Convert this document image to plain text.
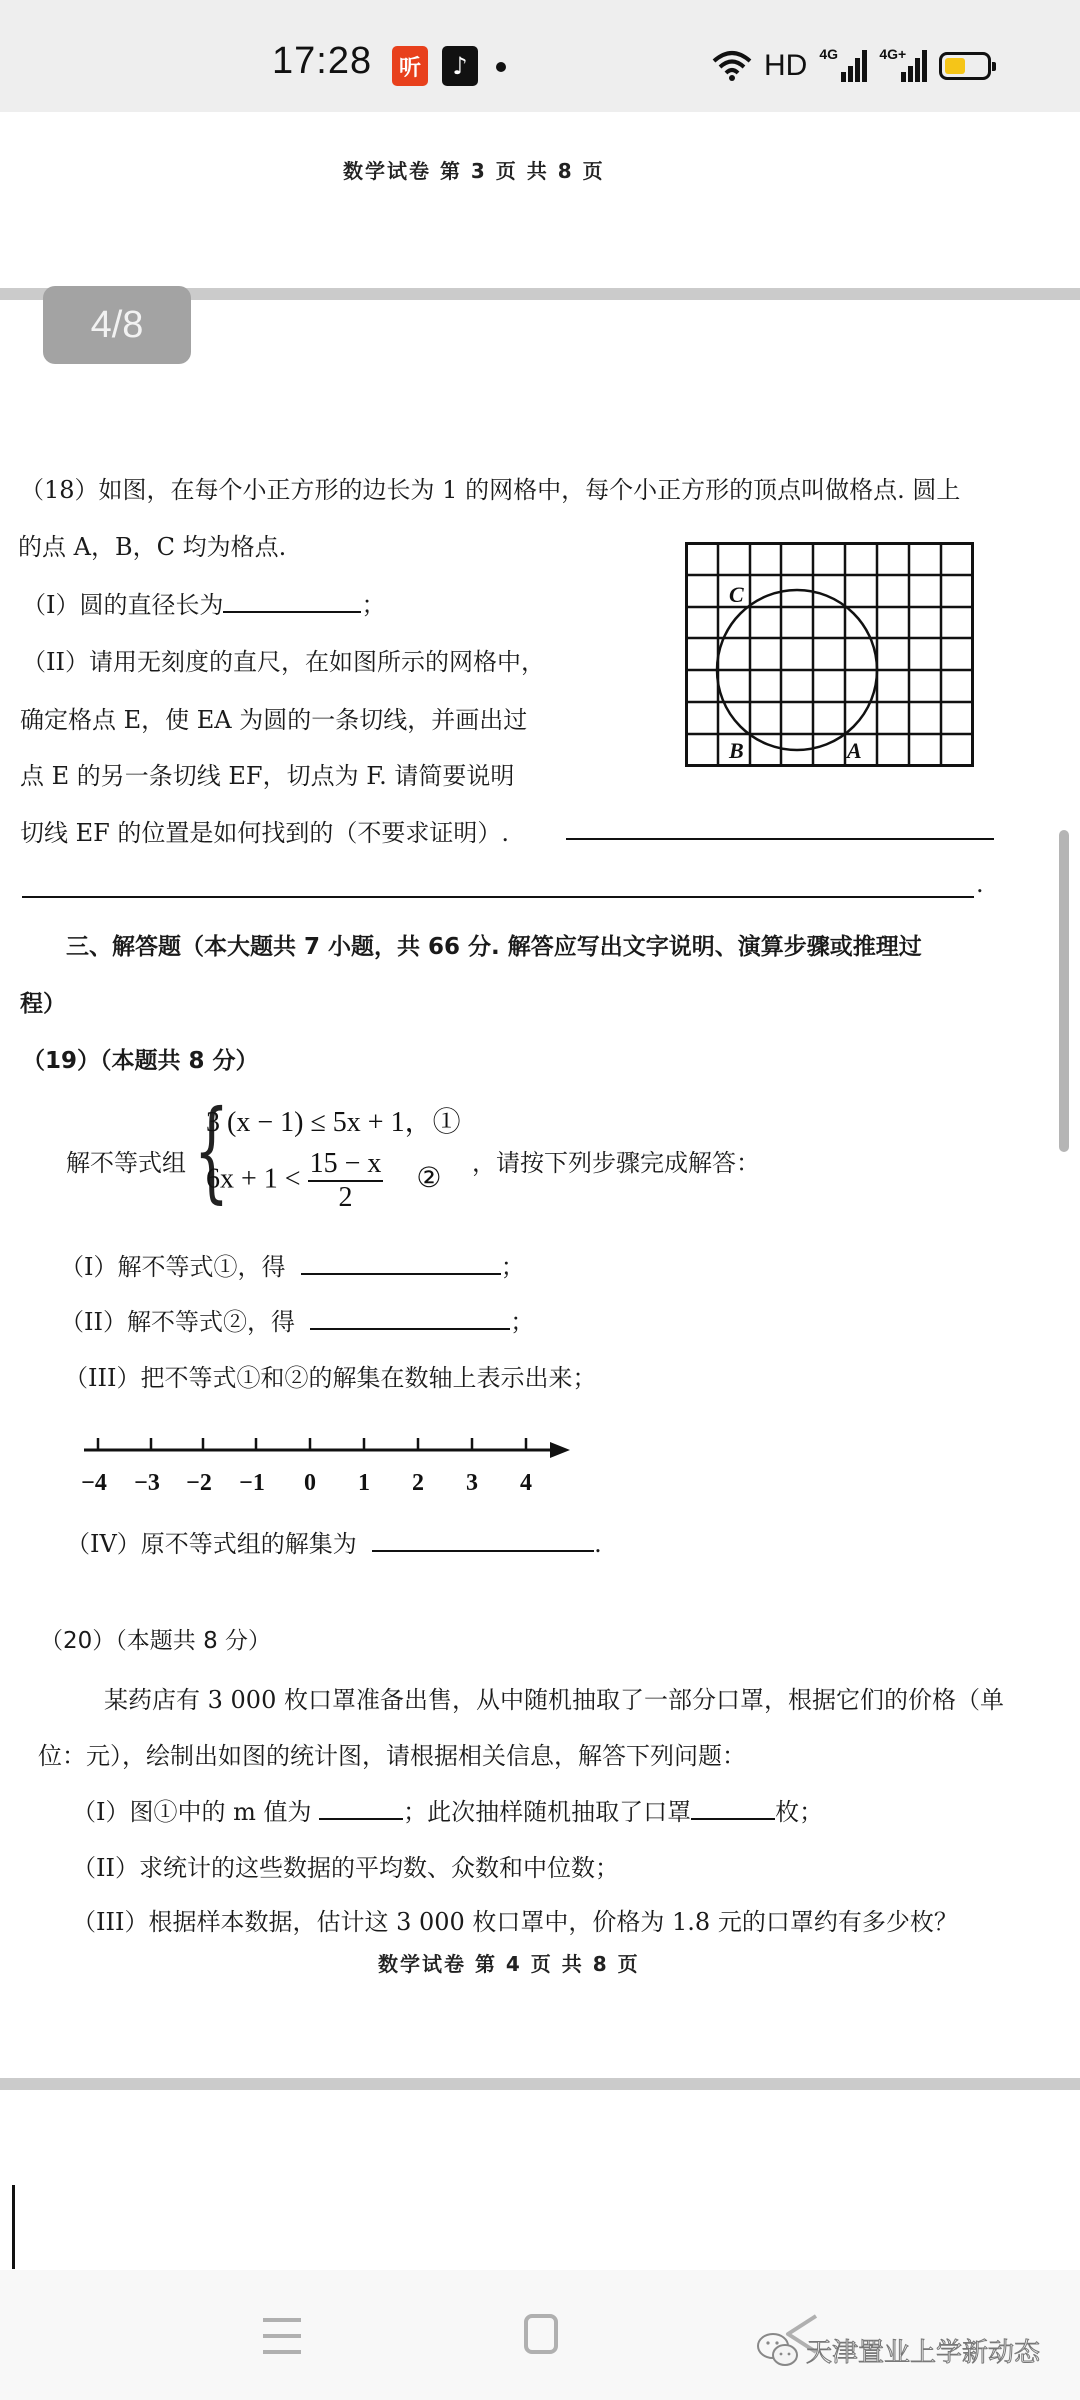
17:28	听	♪	HD 4G	4G+
数学试卷 第 3 页 共 8 页
4/8
（18）如图，在每个小正方形的边长为 1 的网格中，每个小正方形的顶点叫做格点. 圆上
的点 A，B，C 均为格点.
（I）圆的直径长为	；
（II）请用无刻度的直尺，在如图所示的网格中，
确定格点 E，使 EA 为圆的一条切线，并画出过
点 E 的另一条切线 EF，切点为 F. 请简要说明
切线 EF 的位置是如何找到的（不要求证明）.
.
C
B	A
三、解答题（本大题共 7 小题，共 66 分. 解答应写出文字说明、演算步骤或推理过
程）
（19）（本题共 8 分）
解不等式组 {
3 (x − 1) ≤ 5x + 1，①
$6x + 1 < \frac{15 - x}{2}$ ②
，请按下列步骤完成解答：
（I）解不等式①，得	；
（II）解不等式②，得	；
（III）把不等式①和②的解集在数轴上表示出来；
−4 −3 −2 −1 0 1 2 3 4
（IV）原不等式组的解集为	.
（20）（本题共 8 分）
某药店有 3 000 枚口罩准备出售，从中随机抽取了一部分口罩，根据它们的价格（单
位：元），绘制出如图的统计图，请根据相关信息，解答下列问题：
（I）图①中的 m 值为	；此次抽样随机抽取了口罩	枚；
（II）求统计的这些数据的平均数、众数和中位数；
（III）根据样本数据，估计这 3 000 枚口罩中，价格为 1.8 元的口罩约有多少枚？
数学试卷 第 4 页 共 8 页
天津置业上学新动态
